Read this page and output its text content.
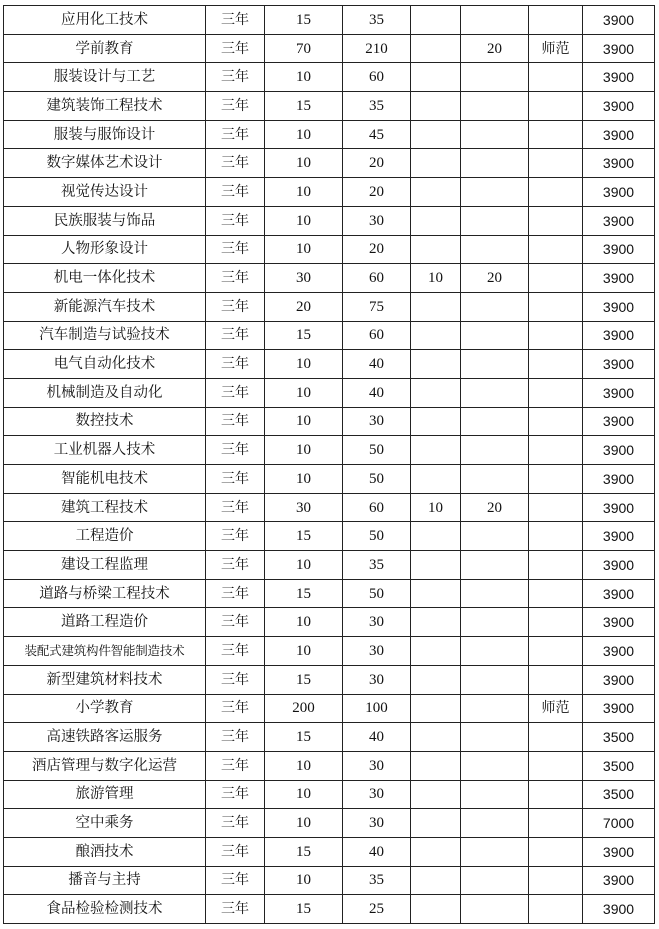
应用化工技术	三年	15	35				3900
学前教育	三年	70	210		20	师范	3900
服装设计与工艺	三年	10	60				3900
建筑装饰工程技术	三年	15	35				3900
服装与服饰设计	三年	10	45				3900
数字媒体艺术设计	三年	10	20				3900
视觉传达设计	三年	10	20				3900
民族服装与饰品	三年	10	30				3900
人物形象设计	三年	10	20				3900
机电一体化技术	三年	30	60	10	20		3900
新能源汽车技术	三年	20	75				3900
汽车制造与试验技术	三年	15	60				3900
电气自动化技术	三年	10	40				3900
机械制造及自动化	三年	10	40				3900
数控技术	三年	10	30				3900
工业机器人技术	三年	10	50				3900
智能机电技术	三年	10	50				3900
建筑工程技术	三年	30	60	10	20		3900
工程造价	三年	15	50				3900
建设工程监理	三年	10	35				3900
道路与桥梁工程技术	三年	15	50				3900
道路工程造价	三年	10	30				3900
装配式建筑构件智能制造技术	三年	10	30				3900
新型建筑材料技术	三年	15	30				3900
小学教育	三年	200	100			师范	3900
高速铁路客运服务	三年	15	40				3500
酒店管理与数字化运营	三年	10	30				3500
旅游管理	三年	10	30				3500
空中乘务	三年	10	30				7000
酿酒技术	三年	15	40				3900
播音与主持	三年	10	35				3900
食品检验检测技术	三年	15	25				3900
